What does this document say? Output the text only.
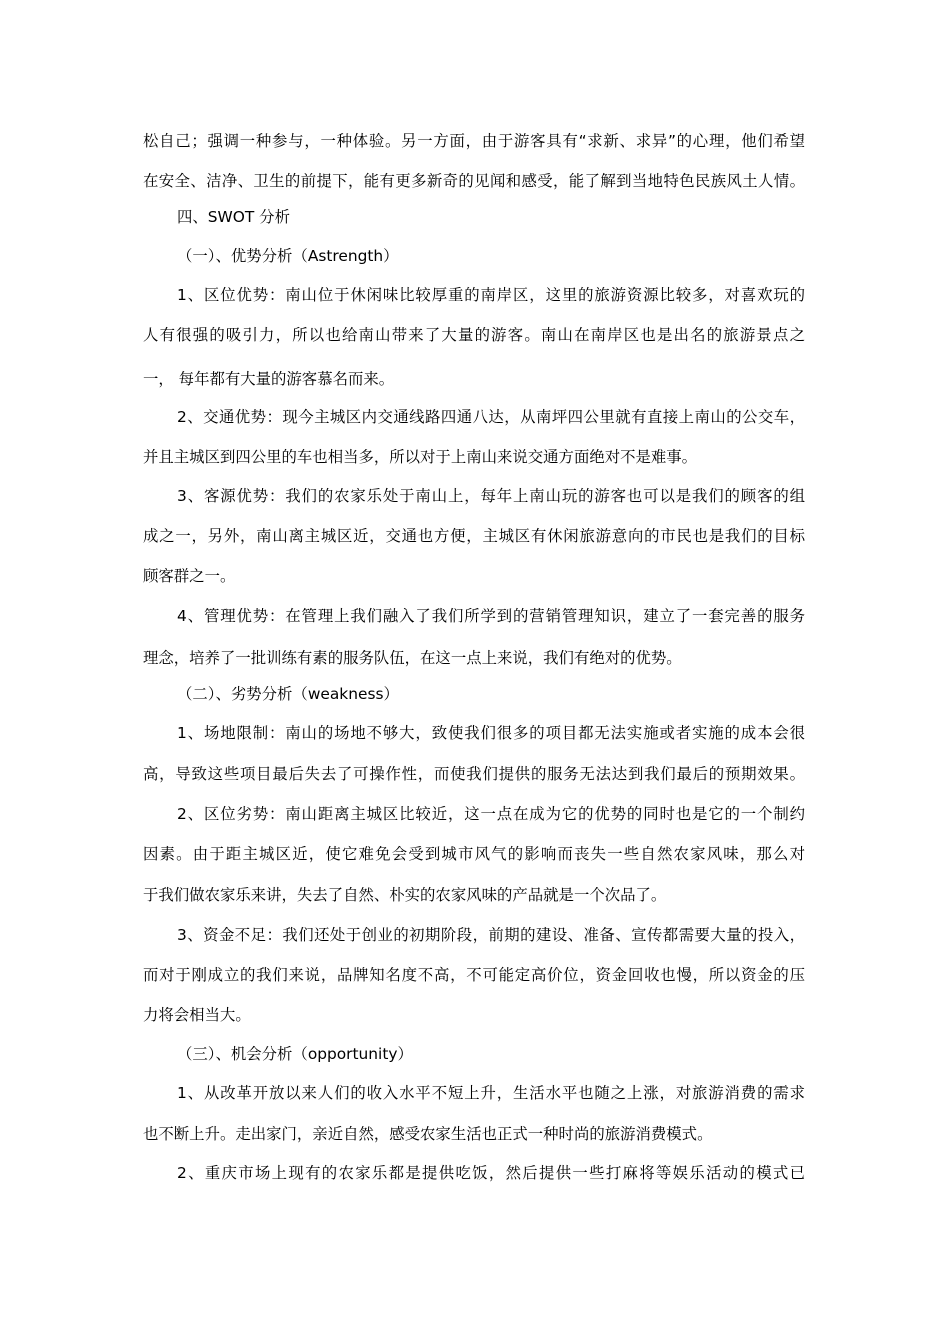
松自己；强调一种参与，一种体验。另一方面，由于游客具有“求新、求异”的心理，他们希望
在安全、洁净、卫生的前提下，能有更多新奇的见闻和感受，能了解到当地特色民族风土人情。
四、SWOT 分析
（一）、优势分析（Astrength）
1、区位优势：南山位于休闲味比较厚重的南岸区，这里的旅游资源比较多，对喜欢玩的
人有很强的吸引力，所以也给南山带来了大量的游客。南山在南岸区也是出名的旅游景点之
一， 每年都有大量的游客慕名而来。
2、交通优势：现今主城区内交通线路四通八达，从南坪四公里就有直接上南山的公交车，
并且主城区到四公里的车也相当多，所以对于上南山来说交通方面绝对不是难事。
3、客源优势：我们的农家乐处于南山上，每年上南山玩的游客也可以是我们的顾客的组
成之一，另外，南山离主城区近，交通也方便，主城区有休闲旅游意向的市民也是我们的目标
顾客群之一。
4、管理优势：在管理上我们融入了我们所学到的营销管理知识，建立了一套完善的服务
理念，培养了一批训练有素的服务队伍，在这一点上来说，我们有绝对的优势。
（二）、劣势分析（weakness）
1、场地限制：南山的场地不够大，致使我们很多的项目都无法实施或者实施的成本会很
高，导致这些项目最后失去了可操作性，而使我们提供的服务无法达到我们最后的预期效果。
2、区位劣势：南山距离主城区比较近，这一点在成为它的优势的同时也是它的一个制约
因素。由于距主城区近，使它难免会受到城市风气的影响而丧失一些自然农家风味，那么对
于我们做农家乐来讲，失去了自然、朴实的农家风味的产品就是一个次品了。
3、资金不足：我们还处于创业的初期阶段，前期的建设、准备、宣传都需要大量的投入，
而对于刚成立的我们来说，品牌知名度不高，不可能定高价位，资金回收也慢，所以资金的压
力将会相当大。
（三）、机会分析（opportunity）
1、从改革开放以来人们的收入水平不短上升，生活水平也随之上涨，对旅游消费的需求
也不断上升。走出家门，亲近自然，感受农家生活也正式一种时尚的旅游消费模式。
2、重庆市场上现有的农家乐都是提供吃饭，然后提供一些打麻将等娱乐活动的模式已
